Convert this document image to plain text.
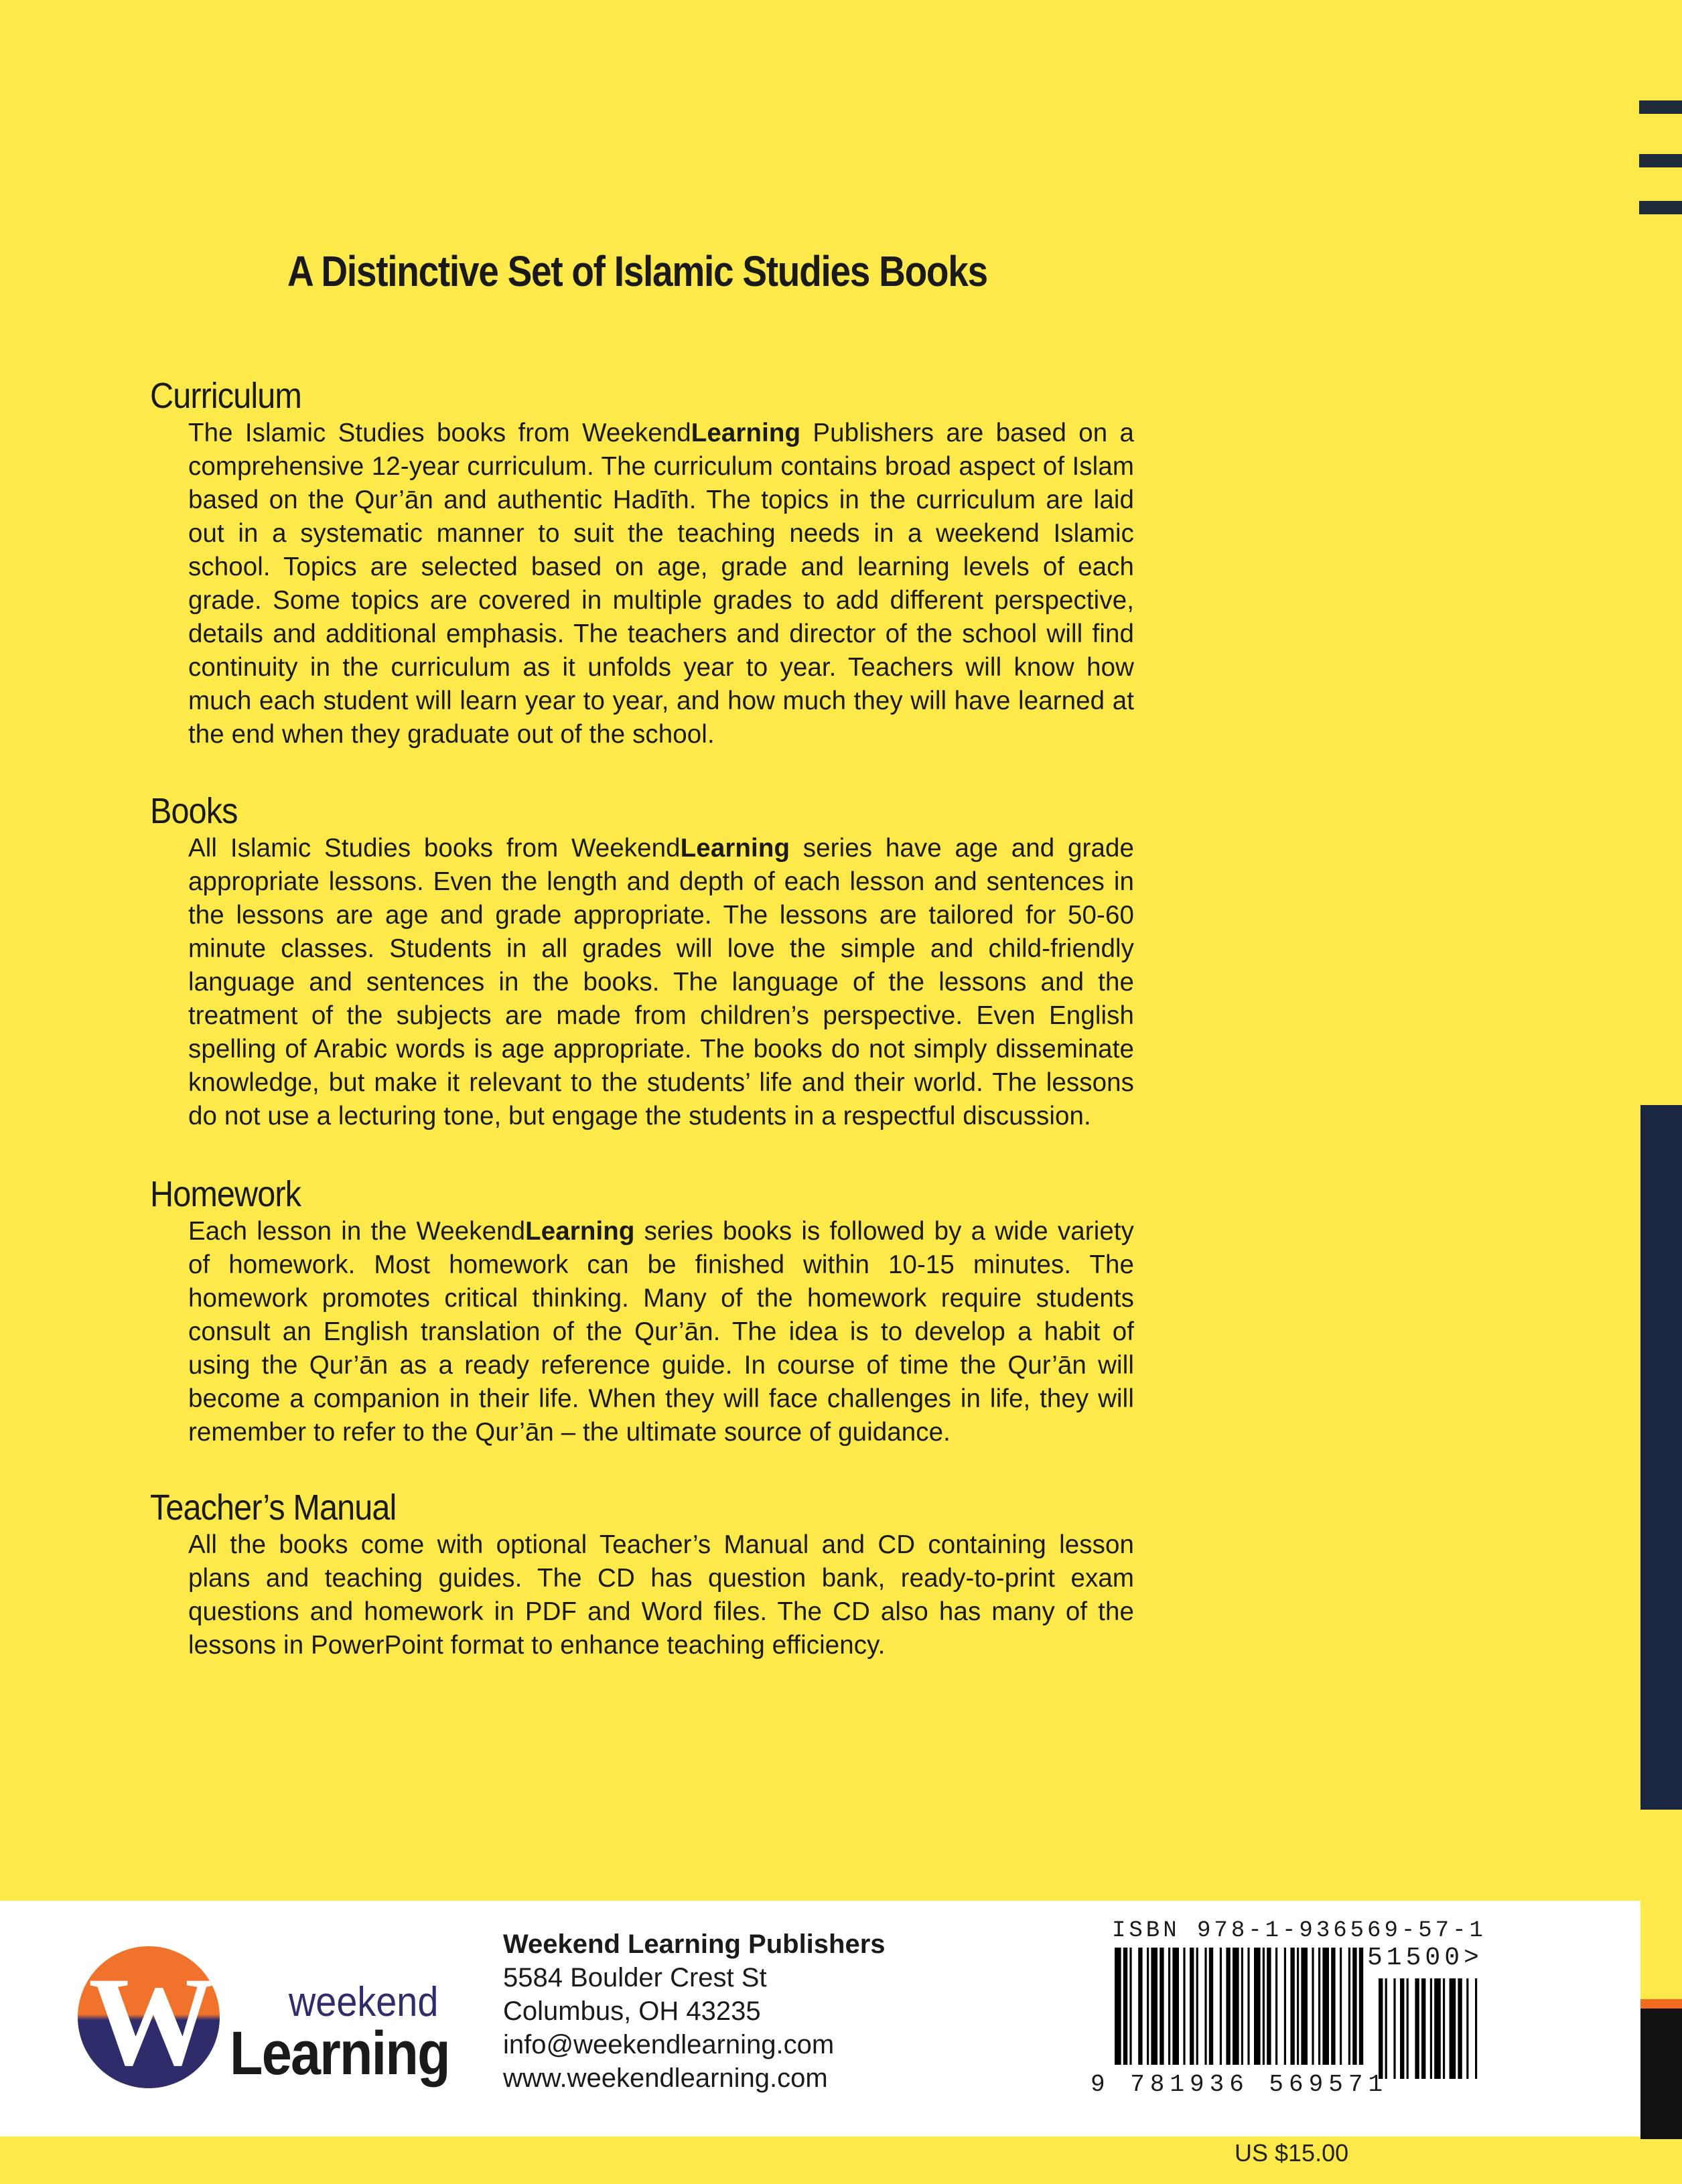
A Distinctive Set of Islamic Studies Books
Curriculum

The Islamic Studies books from WeekendLearning Publishers are based on a comprehensive 12-year curriculum. The curriculum contains broad aspect of Islam based on the Qur’ān and authentic Hadīth. The topics in the curriculum are laid out in a systematic manner to suit the teaching needs in a weekend Islamic school. Topics are selected based on age, grade and learning levels of each grade. Some topics are covered in multiple grades to add different perspective, details and additional emphasis. The teachers and director of the school will find continuity in the curriculum as it unfolds year to year. Teachers will know how much each student will learn year to year, and how much they will have learned at the end when they graduate out of the school.

Books

All Islamic Studies books from WeekendLearning series have age and grade appropriate lessons. Even the length and depth of each lesson and sentences in the lessons are age and grade appropriate. The lessons are tailored for 50-60 minute classes. Students in all grades will love the simple and child-friendly language and sentences in the books. The language of the lessons and the treatment of the subjects are made from children’s perspective. Even English spelling of Arabic words is age appropriate. The books do not simply disseminate knowledge, but make it relevant to the students’ life and their world. The lessons do not use a lecturing tone, but engage the students in a respectful discussion.

Homework

Each lesson in the WeekendLearning series books is followed by a wide variety of homework. Most homework can be finished within 10-15 minutes. The homework promotes critical thinking. Many of the homework require students consult an English translation of the Qur’ān. The idea is to develop a habit of using the Qur’ān as a ready reference guide. In course of time the Qur’ān will become a companion in their life. When they will face challenges in life, they will remember to refer to the Qur’ān – the ultimate source of guidance.

Teacher’s Manual

All the books come with optional Teacher’s Manual and CD containing lesson plans and teaching guides. The CD has question bank, ready-to-print exam questions and homework in PDF and Word files. The CD also has many of the lessons in PowerPoint format to enhance teaching efficiency.

W weekend
Learning
Weekend Learning Publishers
5584 Boulder Crest St
Columbus, OH 43235
info@weekendlearning.com
www.weekendlearning.com
ISBN 978-1-936569-57-1
51500>
9 781936 569571
US $15.00
